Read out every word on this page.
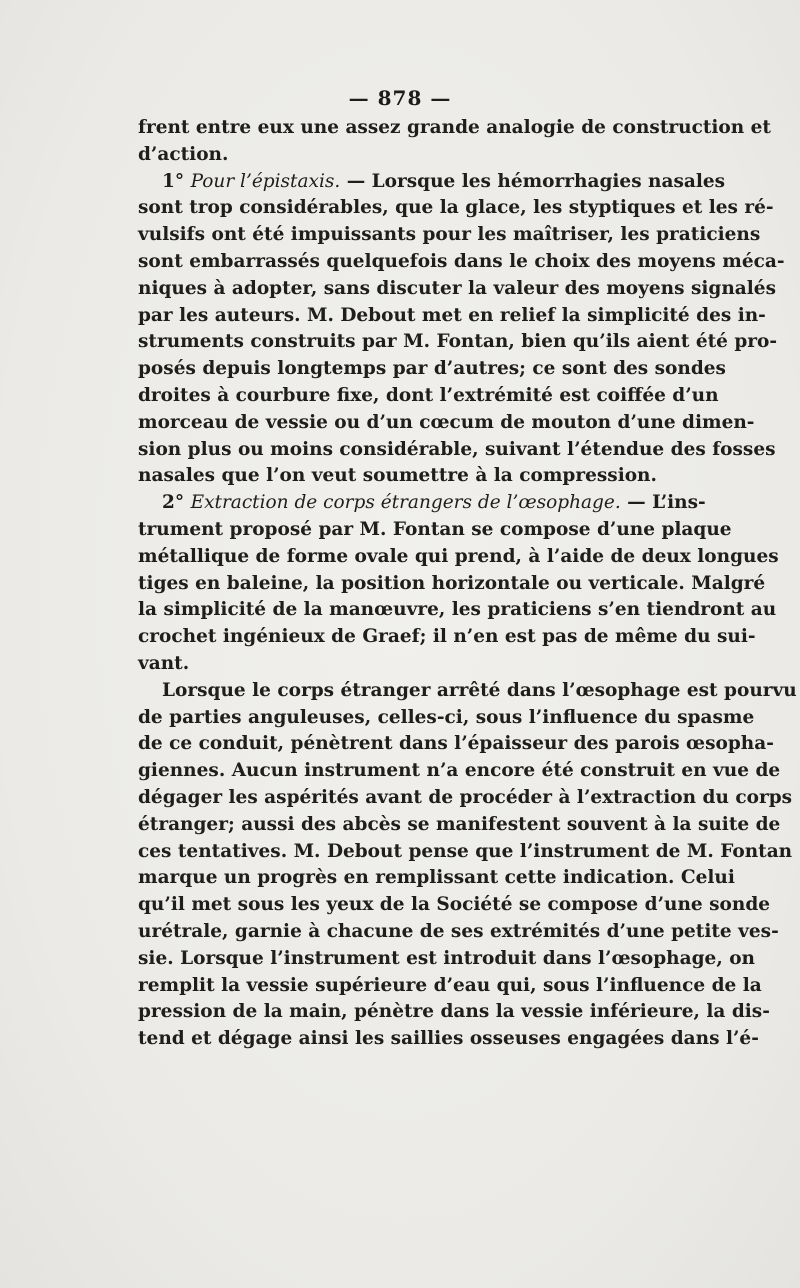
— 878 —
frent entre eux une assez grande analogie de construction et
d’action.
1° Pour l’épistaxis. — Lorsque les hémorrhagies nasales
sont trop considérables, que la glace, les styptiques et les ré-
vulsifs ont été impuissants pour les maîtriser, les praticiens
sont embarrassés quelquefois dans le choix des moyens méca-
niques à adopter, sans discuter la valeur des moyens signalés
par les auteurs. M. Debout met en relief la simplicité des in-
struments construits par M. Fontan, bien qu’ils aient été pro-
posés depuis longtemps par d’autres; ce sont des sondes
droites à courbure fixe, dont l’extrémité est coiffée d’un
morceau de vessie ou d’un cœcum de mouton d’une dimen-
sion plus ou moins considérable, suivant l’étendue des fosses
nasales que l’on veut soumettre à la compression.
2° Extraction de corps étrangers de l’œsophage. — L’ins-
trument proposé par M. Fontan se compose d’une plaque
métallique de forme ovale qui prend, à l’aide de deux longues
tiges en baleine, la position horizontale ou verticale. Malgré
la simplicité de la manœuvre, les praticiens s’en tiendront au
crochet ingénieux de Graef; il n’en est pas de même du sui-
vant.
Lorsque le corps étranger arrêté dans l’œsophage est pourvu
de parties anguleuses, celles-ci, sous l’influence du spasme
de ce conduit, pénètrent dans l’épaisseur des parois œsopha-
giennes. Aucun instrument n’a encore été construit en vue de
dégager les aspérités avant de procéder à l’extraction du corps
étranger; aussi des abcès se manifestent souvent à la suite de
ces tentatives. M. Debout pense que l’instrument de M. Fontan
marque un progrès en remplissant cette indication. Celui
qu’il met sous les yeux de la Société se compose d’une sonde
urétrale, garnie à chacune de ses extrémités d’une petite ves-
sie. Lorsque l’instrument est introduit dans l’œsophage, on
remplit la vessie supérieure d’eau qui, sous l’influence de la
pression de la main, pénètre dans la vessie inférieure, la dis-
tend et dégage ainsi les saillies osseuses engagées dans l’é-
